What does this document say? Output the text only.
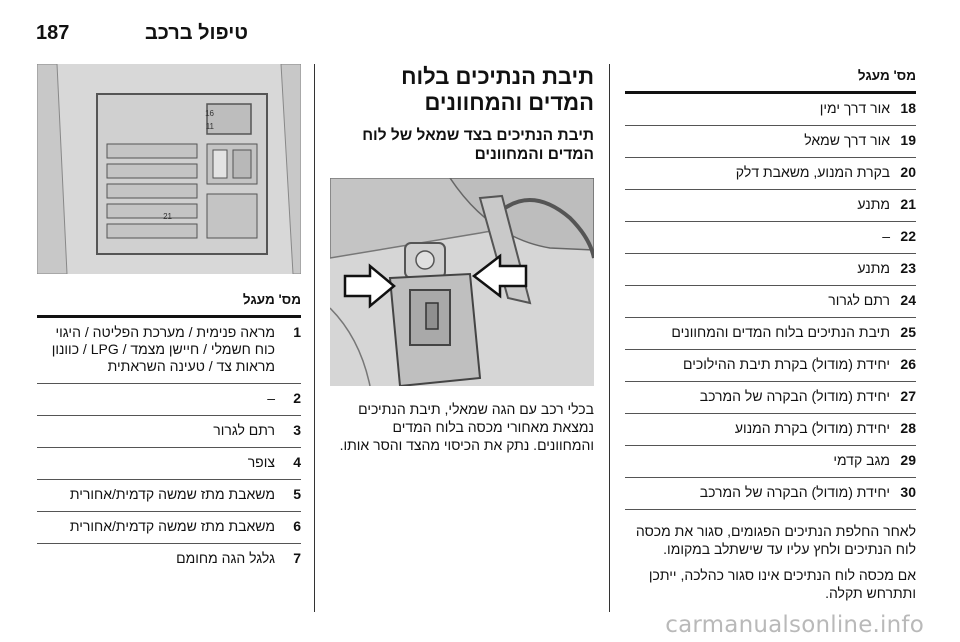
טיפול ברכב
187
מס' מעגל
18
אור דרך ימין
19
אור דרך שמאל
20
בקרת המנוע, משאבת דלק
21
מתנע
22
–
23
מתנע
24
רתם לגרור
25
תיבת הנתיכים בלוח המדים והמחוונים
26
יחידת (מודול) בקרת תיבת ההילוכים
27
יחידת (מודול) הבקרה של המרכב
28
יחידת (מודול) בקרת המנוע
29
מגב קדמי
30
יחידת (מודול) הבקרה של המרכב
לאחר החלפת הנתיכים הפגומים, סגור את מכסה לוח הנתיכים ולחץ עליו עד שישתלב במקומו.
אם מכסה לוח הנתיכים אינו סגור כהלכה, ייתכן ותתרחש תקלה.
תיבת הנתיכים בלוח המדים והמחוונים
תיבת הנתיכים בצד שמאל של לוח המדים והמחוונים
בכלי רכב עם הגה שמאלי, תיבת הנתיכים נמצאת מאחורי מכסה בלוח המדים והמחוונים. נתק את הכיסוי מהצד והסר אותו.
16
11
21
מס' מעגל
1
מראה פנימית / מערכת הפליטה / היגוי כוח חשמלי / חיישן מצמד / LPG / כוונון מראות צד / טעינה השראתית
2
–
3
רתם לגרור
4
צופר
5
משאבת מתז שמשה קדמית/אחורית
6
משאבת מתז שמשה קדמית/אחורית
7
גלגל הגה מחומם
carmanualsonline.info
